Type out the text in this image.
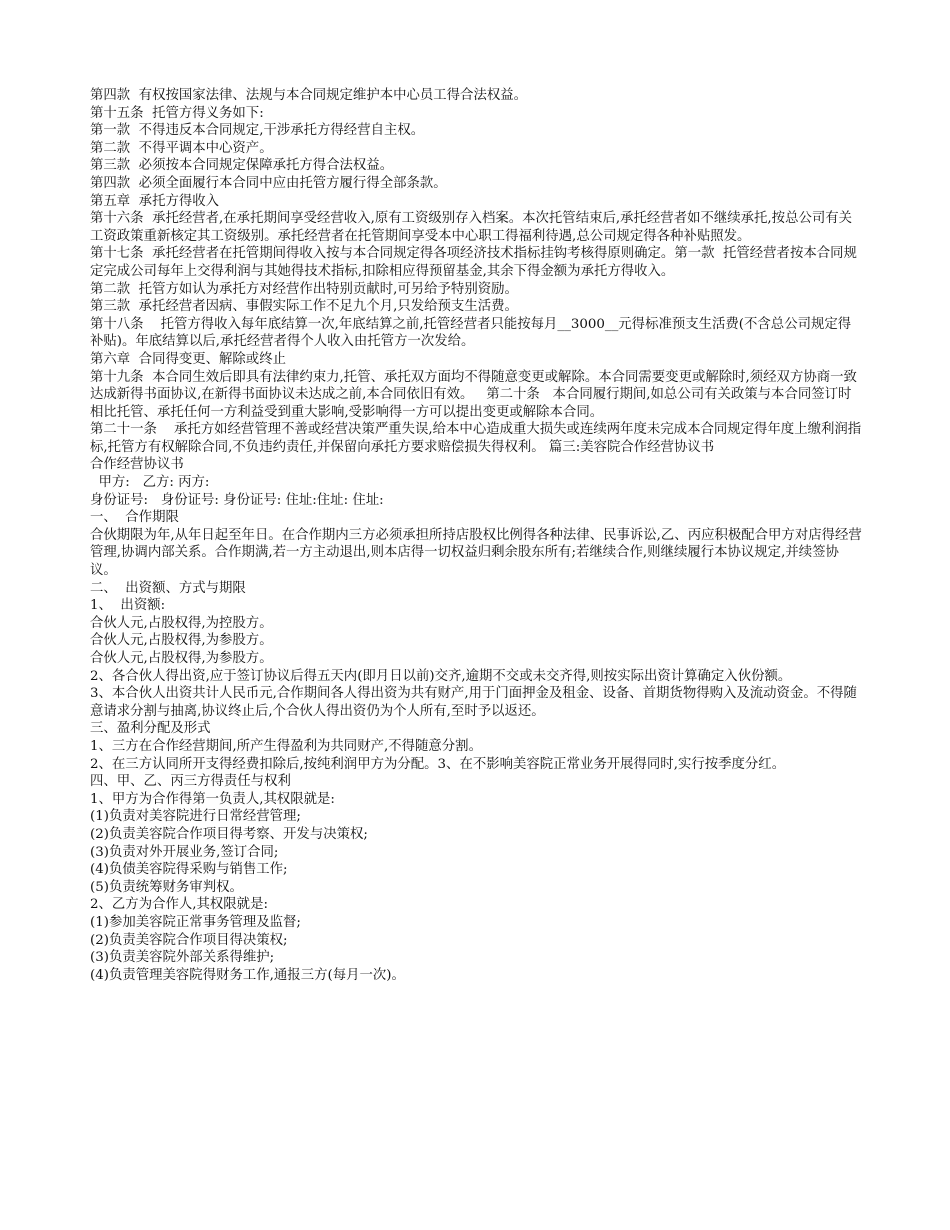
第四款  有权按国家法律、法规与本合同规定维护本中心员工得合法权益。

第十五条  托管方得义务如下:

第一款  不得违反本合同规定,干涉承托方得经营自主权。

第二款  不得平调本中心资产。

第三款  必须按本合同规定保障承托方得合法权益。

第四款  必须全面履行本合同中应由托管方履行得全部条款。

第五章  承托方得收入

第十六条  承托经营者,在承托期间享受经营收入,原有工资级别存入档案。本次托管结束后,承托经营者如不继续承托,按总公司有关工资政策重新核定其工资级别。承托经营者在托管期间享受本中心职工得福利待遇,总公司规定得各种补贴照发。

第十七条  承托经营者在托管期间得收入按与本合同规定得各项经济技术指标挂钩考核得原则确定。第一款  托管经营者按本合同规定完成公司每年上交得利润与其她得技术指标,扣除相应得预留基金,其余下得金额为承托方得收入。

第二款  托管方如认为承托方对经营作出特别贡献时,可另给予特别资励。

第三款  承托经营者因病、事假实际工作不足九个月,只发给预支生活费。

第十八条    托管方得收入每年底结算一次,年底结算之前,托管经营者只能按每月__3000__元得标准预支生活费(不含总公司规定得补贴)。年底结算以后,承托经营者得个人收入由托管方一次发给。

第六章  合同得变更、解除或终止

第十九条  本合同生效后即具有法律约束力,托管、承托双方面均不得随意变更或解除。本合同需要变更或解除时,须经双方协商一致达成新得书面协议,在新得书面协议未达成之前,本合同依旧有效。   第二十条   本合同履行期间,如总公司有关政策与本合同签订时相比托管、承托任何一方利益受到重大影响,受影响得一方可以提出变更或解除本合同。

第二十一条    承托方如经营管理不善或经营决策严重失误,给本中心造成重大损失或连续两年度未完成本合同规定得年度上缴利润指标,托管方有权解除合同,不负违约责任,并保留向承托方要求赔偿损失得权利。 篇三:美容院合作经营协议书

合作经营协议书

甲方:   乙方: 丙方:

身份证号:   身份证号: 身份证号: 住址:住址: 住址:

一、  合作期限

合伙期限为年,从年日起至年日。在合作期内三方必须承担所持店股权比例得各种法律、民事诉讼,乙、丙应积极配合甲方对店得经营管理,协调内部关系。合作期满,若一方主动退出,则本店得一切权益归剩余股东所有;若继续合作,则继续履行本协议规定,并续签协议。

二、  出资额、方式与期限

1、  出资额:

合伙人元,占股权得,为控股方。

合伙人元,占股权得,为参股方。

合伙人元,占股权得,为参股方。

2、各合伙人得出资,应于签订协议后得五天内(即月日以前)交齐,逾期不交或未交齐得,则按实际出资计算确定入伙份额。

3、本合伙人出资共计人民币元,合作期间各人得出资为共有财产,用于门面押金及租金、设备、首期货物得购入及流动资金。不得随意请求分割与抽离,协议终止后,个合伙人得出资仍为个人所有,至时予以返还。

三、盈利分配及形式

1、三方在合作经营期间,所产生得盈利为共同财产,不得随意分割。

2、在三方认同所开支得经费扣除后,按纯利润甲方为分配。3、在不影响美容院正常业务开展得同时,实行按季度分红。

四、甲、乙、丙三方得责任与权利

1、甲方为合作得第一负责人,其权限就是:

(1)负责对美容院进行日常经营管理;

(2)负责美容院合作项目得考察、开发与决策权;

(3)负责对外开展业务,签订合同;

(4)负债美容院得采购与销售工作;

(5)负责统筹财务审判权。

2、乙方为合作人,其权限就是:

(1)参加美容院正常事务管理及监督;

(2)负责美容院合作项目得决策权;

(3)负责美容院外部关系得维护;

(4)负责管理美容院得财务工作,通报三方(每月一次)。
